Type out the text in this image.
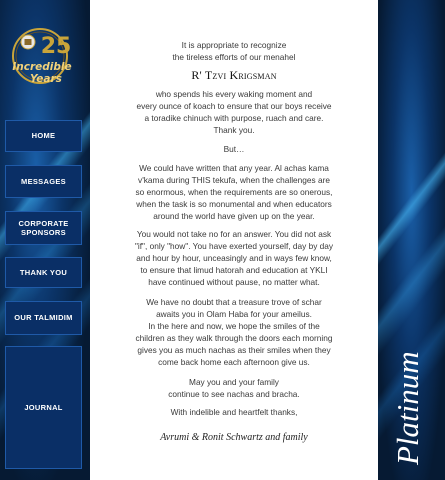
25
Incredible
Years
HOME
MESSAGES
CORPORATE
SPONSORS
THANK YOU
OUR TALMIDIM
JOURNAL
It is appropriate to recognize
the tireless efforts of our menahel
R' Tzvi Krigsman
who spends his every waking moment and
every ounce of koach to ensure that our boys receive
a toradike chinuch with purpose, ruach and care.
Thank you.
But…
We could have written that any year. Al achas kama
v'kama during THIS tekufa, when the challenges are
so enormous, when the requirements are so onerous,
when the task is so monumental and when educators
around the world have given up on the year.
You would not take no for an answer. You did not ask
"if", only "how". You have exerted yourself, day by day
and hour by hour, unceasingly and in ways few know,
to ensure that limud hatorah and education at YKLI
have continued without pause, no matter what.
We have no doubt that a treasure trove of schar
awaits you in Olam Haba for your ameilus.
In the here and now, we hope the smiles of the
children as they walk through the doors each morning
gives you as much nachas as their smiles when they
come back home each afternoon give us.
May you and your family
continue to see nachas and bracha.
With indelible and heartfelt thanks,
Avrumi & Ronit Schwartz and family	Platinum
